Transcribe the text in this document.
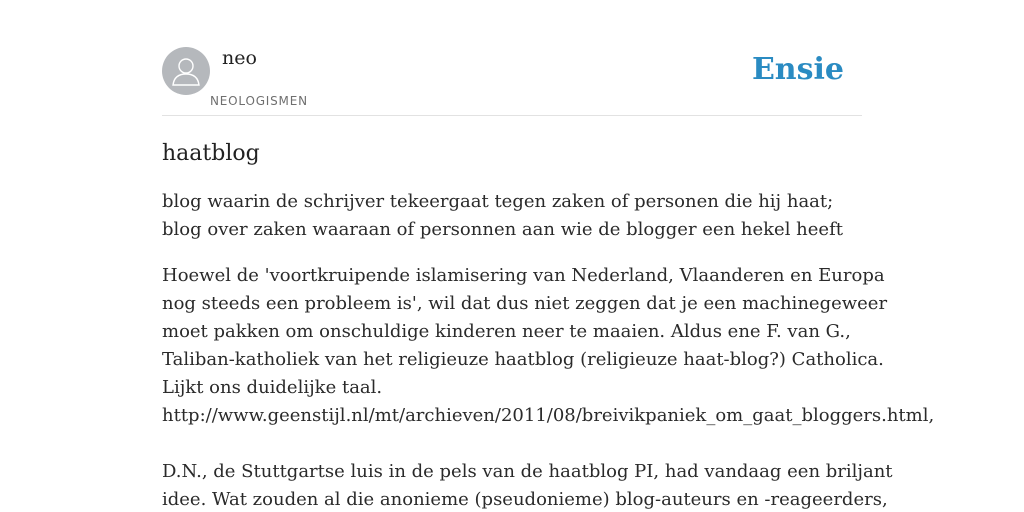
neo
NEOLOGISMEN
Ensie
haatblog

blog waarin de schrijver tekeergaat tegen zaken of personen die hij haat; blog over zaken waaraan of personnen aan wie de blogger een hekel heeft

Hoewel de 'voortkruipende islamisering van Nederland, Vlaanderen en Europa nog steeds een probleem is', wil dat dus niet zeggen dat je een machinegeweer moet pakken om onschuldige kinderen neer te maaien. Aldus ene F. van G., Taliban-katholiek van het religieuze haatblog (religieuze haat-blog?) Catholica. Lijkt ons duidelijke taal.
http://www.geenstijl.nl/mt/archieven/2011/08/breivikpaniek_om_gaat_bloggers.html,

D.N., de Stuttgartse luis in de pels van de haatblog PI, had vandaag een briljant idee. Wat zouden al die anonieme (pseudonieme) blog-auteurs en -reageerders,
